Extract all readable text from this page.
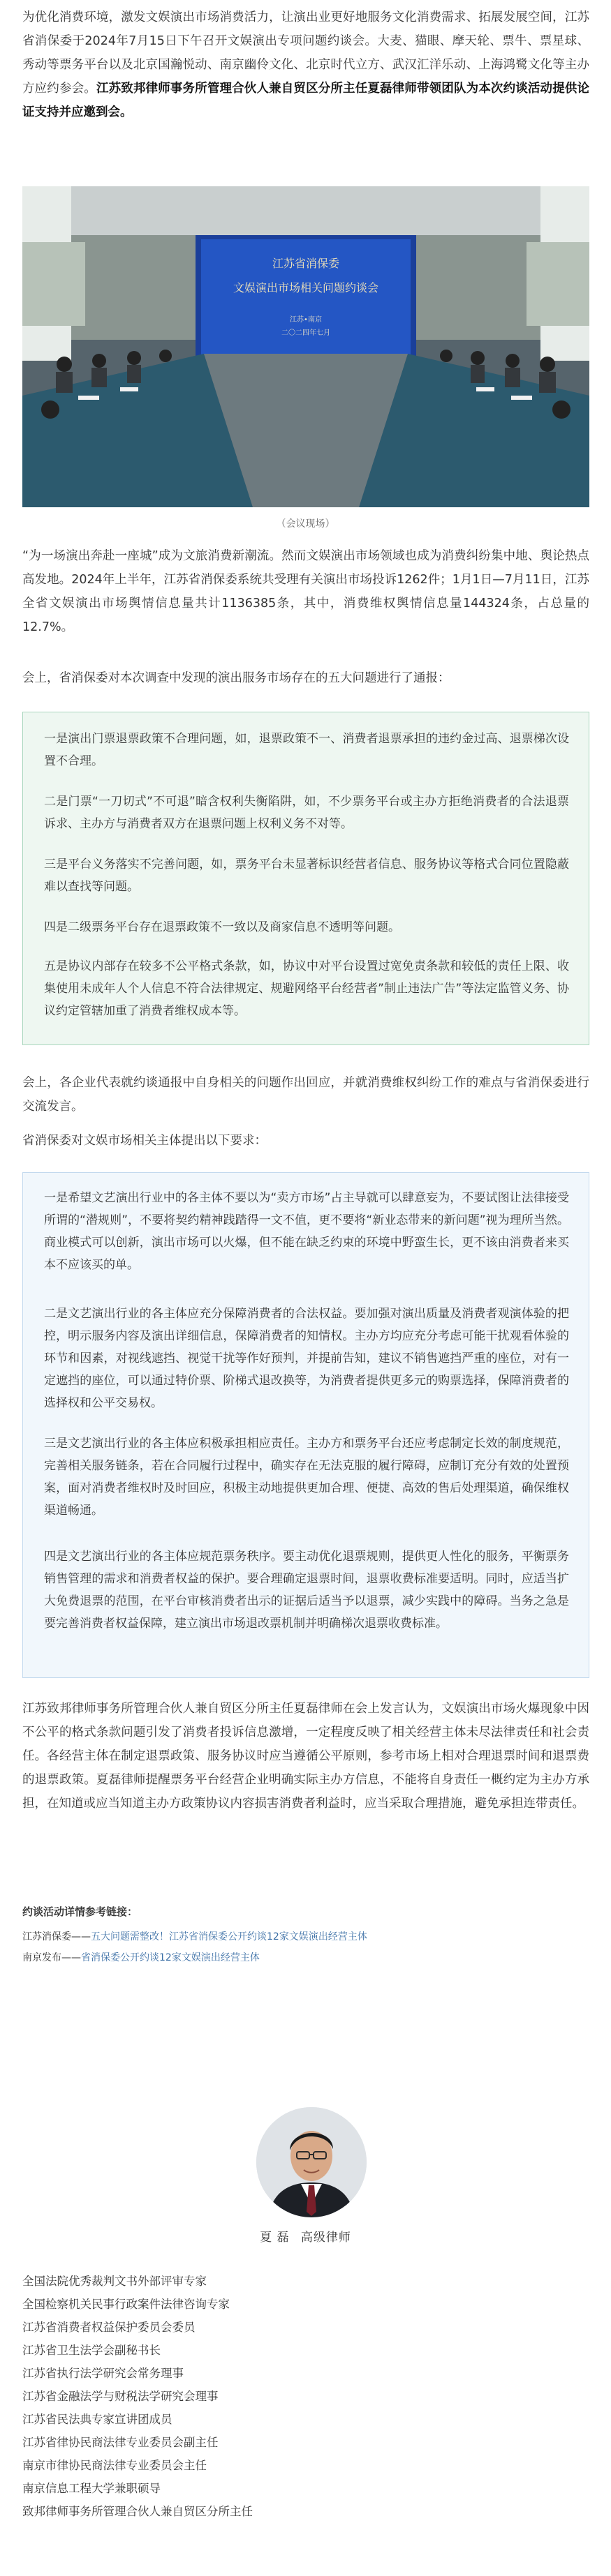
为优化消费环境，激发文娱演出市场消费活力，让演出业更好地服务文化消费需求、拓展发展空间，江苏省消保委于2024年7月15日下午召开文娱演出专项问题约谈会。大麦、猫眼、摩天轮、票牛、票星球、秀动等票务平台以及北京国瀚悦动、南京幽伶文化、北京时代立方、武汉汇洋乐动、上海鸿鹭文化等主办方应约参会。江苏致邦律师事务所管理合伙人兼自贸区分所主任夏磊律师带领团队为本次约谈活动提供论证支持并应邀到会。

江苏省消保委
文娱演出市场相关问题约谈会
江苏•南京
二〇二四年七月
（会议现场）

“为一场演出奔赴一座城”成为文旅消费新潮流。然而文娱演出市场领域也成为消费纠纷集中地、舆论热点高发地。2024年上半年，江苏省消保委系统共受理有关演出市场投诉1262件；1月1日—7月11日，江苏全省文娱演出市场舆情信息量共计1136385条，其中，消费维权舆情信息量144324条，占总量的12.7%。

会上，省消保委对本次调查中发现的演出服务市场存在的五大问题进行了通报：

一是演出门票退票政策不合理问题，如，退票政策不一、消费者退票承担的违约金过高、退票梯次设置不合理。

二是门票“一刀切式”不可退”暗含权利失衡陷阱，如，不少票务平台或主办方拒绝消费者的合法退票诉求、主办方与消费者双方在退票问题上权利义务不对等。

三是平台义务落实不完善问题，如，票务平台未显著标识经营者信息、服务协议等格式合同位置隐蔽难以查找等问题。

四是二级票务平台存在退票政策不一致以及商家信息不透明等问题。

五是协议内部存在较多不公平格式条款，如，协议中对平台设置过宽免责条款和较低的责任上限、收集使用未成年人个人信息不符合法律规定、规避网络平台经营者”制止违法广告”等法定监管义务、协议约定管辖加重了消费者维权成本等。

会上，各企业代表就约谈通报中自身相关的问题作出回应，并就消费维权纠纷工作的难点与省消保委进行交流发言。

省消保委对文娱市场相关主体提出以下要求：

一是希望文艺演出行业中的各主体不要以为“卖方市场”占主导就可以肆意妄为，不要试图让法律接受所谓的“潜规则”，不要将契约精神践踏得一文不值，更不要将“新业态带来的新问题”视为理所当然。商业模式可以创新，演出市场可以火爆，但不能在缺乏约束的环境中野蛮生长，更不该由消费者来买本不应该买的单。

二是文艺演出行业的各主体应充分保障消费者的合法权益。要加强对演出质量及消费者观演体验的把控，明示服务内容及演出详细信息，保障消费者的知情权。主办方均应充分考虑可能干扰观看体验的环节和因素，对视线遮挡、视觉干扰等作好预判，并提前告知，建议不销售遮挡严重的座位，对有一定遮挡的座位，可以通过特价票、阶梯式退改换等，为消费者提供更多元的购票选择，保障消费者的选择权和公平交易权。

三是文艺演出行业的各主体应积极承担相应责任。主办方和票务平台还应考虑制定长效的制度规范，完善相关服务链条，若在合同履行过程中，确实存在无法克服的履行障碍，应制订充分有效的处置预案，面对消费者维权时及时回应，积极主动地提供更加合理、便捷、高效的售后处理渠道，确保维权渠道畅通。

四是文艺演出行业的各主体应规范票务秩序。要主动优化退票规则，提供更人性化的服务，平衡票务销售管理的需求和消费者权益的保护。要合理确定退票时间，退票收费标准要适明。同时，应适当扩大免费退票的范围，在平台审核消费者出示的证据后适当予以退票，减少实践中的障碍。当务之急是要完善消费者权益保障，建立演出市场退改票机制并明确梯次退票收费标准。

江苏致邦律师事务所管理合伙人兼自贸区分所主任夏磊律师在会上发言认为，文娱演出市场火爆现象中因不公平的格式条款问题引发了消费者投诉信息激增，一定程度反映了相关经营主体未尽法律责任和社会责任。各经营主体在制定退票政策、服务协议时应当遵循公平原则，参考市场上相对合理退票时间和退票费的退票政策。夏磊律师提醒票务平台经营企业明确实际主办方信息，不能将自身责任一概约定为主办方承担，在知道或应当知道主办方政策协议内容损害消费者利益时，应当采取合理措施，避免承担连带责任。

约谈活动详情参考链接：
江苏消保委——五大问题需整改！江苏省消保委公开约谈12家文娱演出经营主体
南京发布——省消保委公开约谈12家文娱演出经营主体
夏 磊 高级律师
全国法院优秀裁判文书外部评审专家
全国检察机关民事行政案件法律咨询专家
江苏省消费者权益保护委员会委员
江苏省卫生法学会副秘书长
江苏省执行法学研究会常务理事
江苏省金融法学与财税法学研究会理事
江苏省民法典专家宣讲团成员
江苏省律协民商法律专业委员会副主任
南京市律协民商法律专业委员会主任
南京信息工程大学兼职硕导
致邦律师事务所管理合伙人兼自贸区分所主任
